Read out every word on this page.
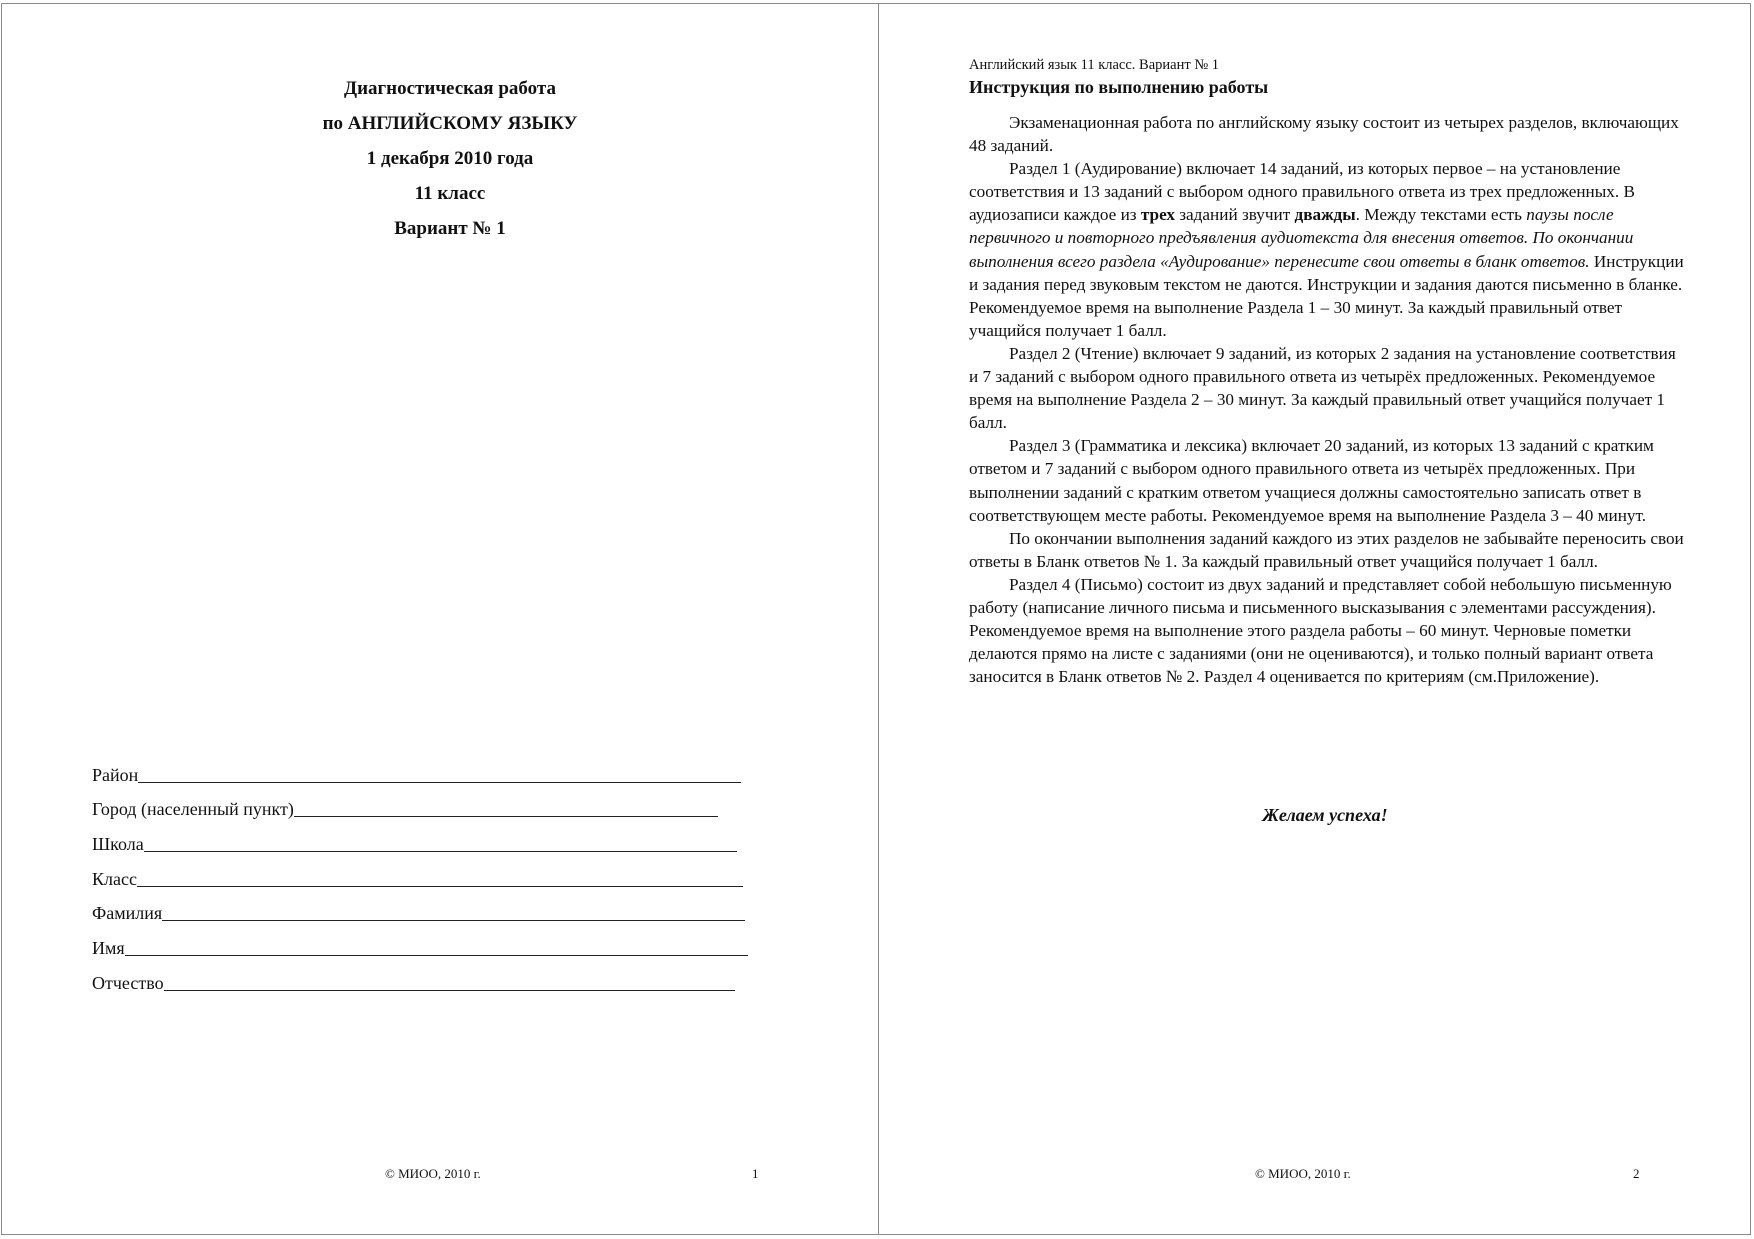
Диагностическая работа
по АНГЛИЙСКОМУ ЯЗЫКУ
1 декабря 2010 года
11 класс
Вариант № 1
Район
Город (населенный пункт)
Школа
Класс
Фамилия
Имя
Отчество
© МИОО, 2010 г.	1
Английский язык 11 класс. Вариант № 1
Инструкция по выполнению работы

Экзаменационная работа по английскому языку состоит из четырех разделов, включающих 48 заданий.

Раздел 1 (Аудирование) включает 14 заданий, из которых первое – на установление соответствия и 13 заданий с выбором одного правильного ответа из трех предложенных. В аудиозаписи каждое из трех заданий звучит дважды. Между текстами есть паузы после первичного и повторного предъявления аудиотекста для внесения ответов. По окончании выполнения всего раздела «Аудирование» перенесите свои ответы в бланк ответов. Инструкции и задания перед звуковым текстом не даются. Инструкции и задания даются письменно в бланке. Рекомендуемое время на выполнение Раздела 1 – 30 минут. За каждый правильный ответ учащийся получает 1 балл.

Раздел 2 (Чтение) включает 9 заданий, из которых 2 задания на установление соответствия и 7 заданий с выбором одного правильного ответа из четырёх предложенных. Рекомендуемое время на выполнение Раздела 2 – 30 минут. За каждый правильный ответ учащийся получает 1 балл.

Раздел 3 (Грамматика и лексика) включает 20 заданий, из которых 13 заданий с кратким ответом и 7 заданий с выбором одного правильного ответа из четырёх предложенных. При выполнении заданий с кратким ответом учащиеся должны самостоятельно записать ответ в соответствующем месте работы. Рекомендуемое время на выполнение Раздела 3 – 40 минут.

По окончании выполнения заданий каждого из этих разделов не забывайте переносить свои ответы в Бланк ответов № 1. За каждый правильный ответ учащийся получает 1 балл.

Раздел 4 (Письмо) состоит из двух заданий и представляет собой небольшую письменную работу (написание личного письма и письменного высказывания с элементами рассуждения). Рекомендуемое время на выполнение этого раздела работы – 60 минут. Черновые пометки делаются прямо на листе с заданиями (они не оцениваются), и только полный вариант ответа заносится в Бланк ответов № 2. Раздел 4 оценивается по критериям (см.Приложение).

Желаем успеха!
© МИОО, 2010 г.	2
